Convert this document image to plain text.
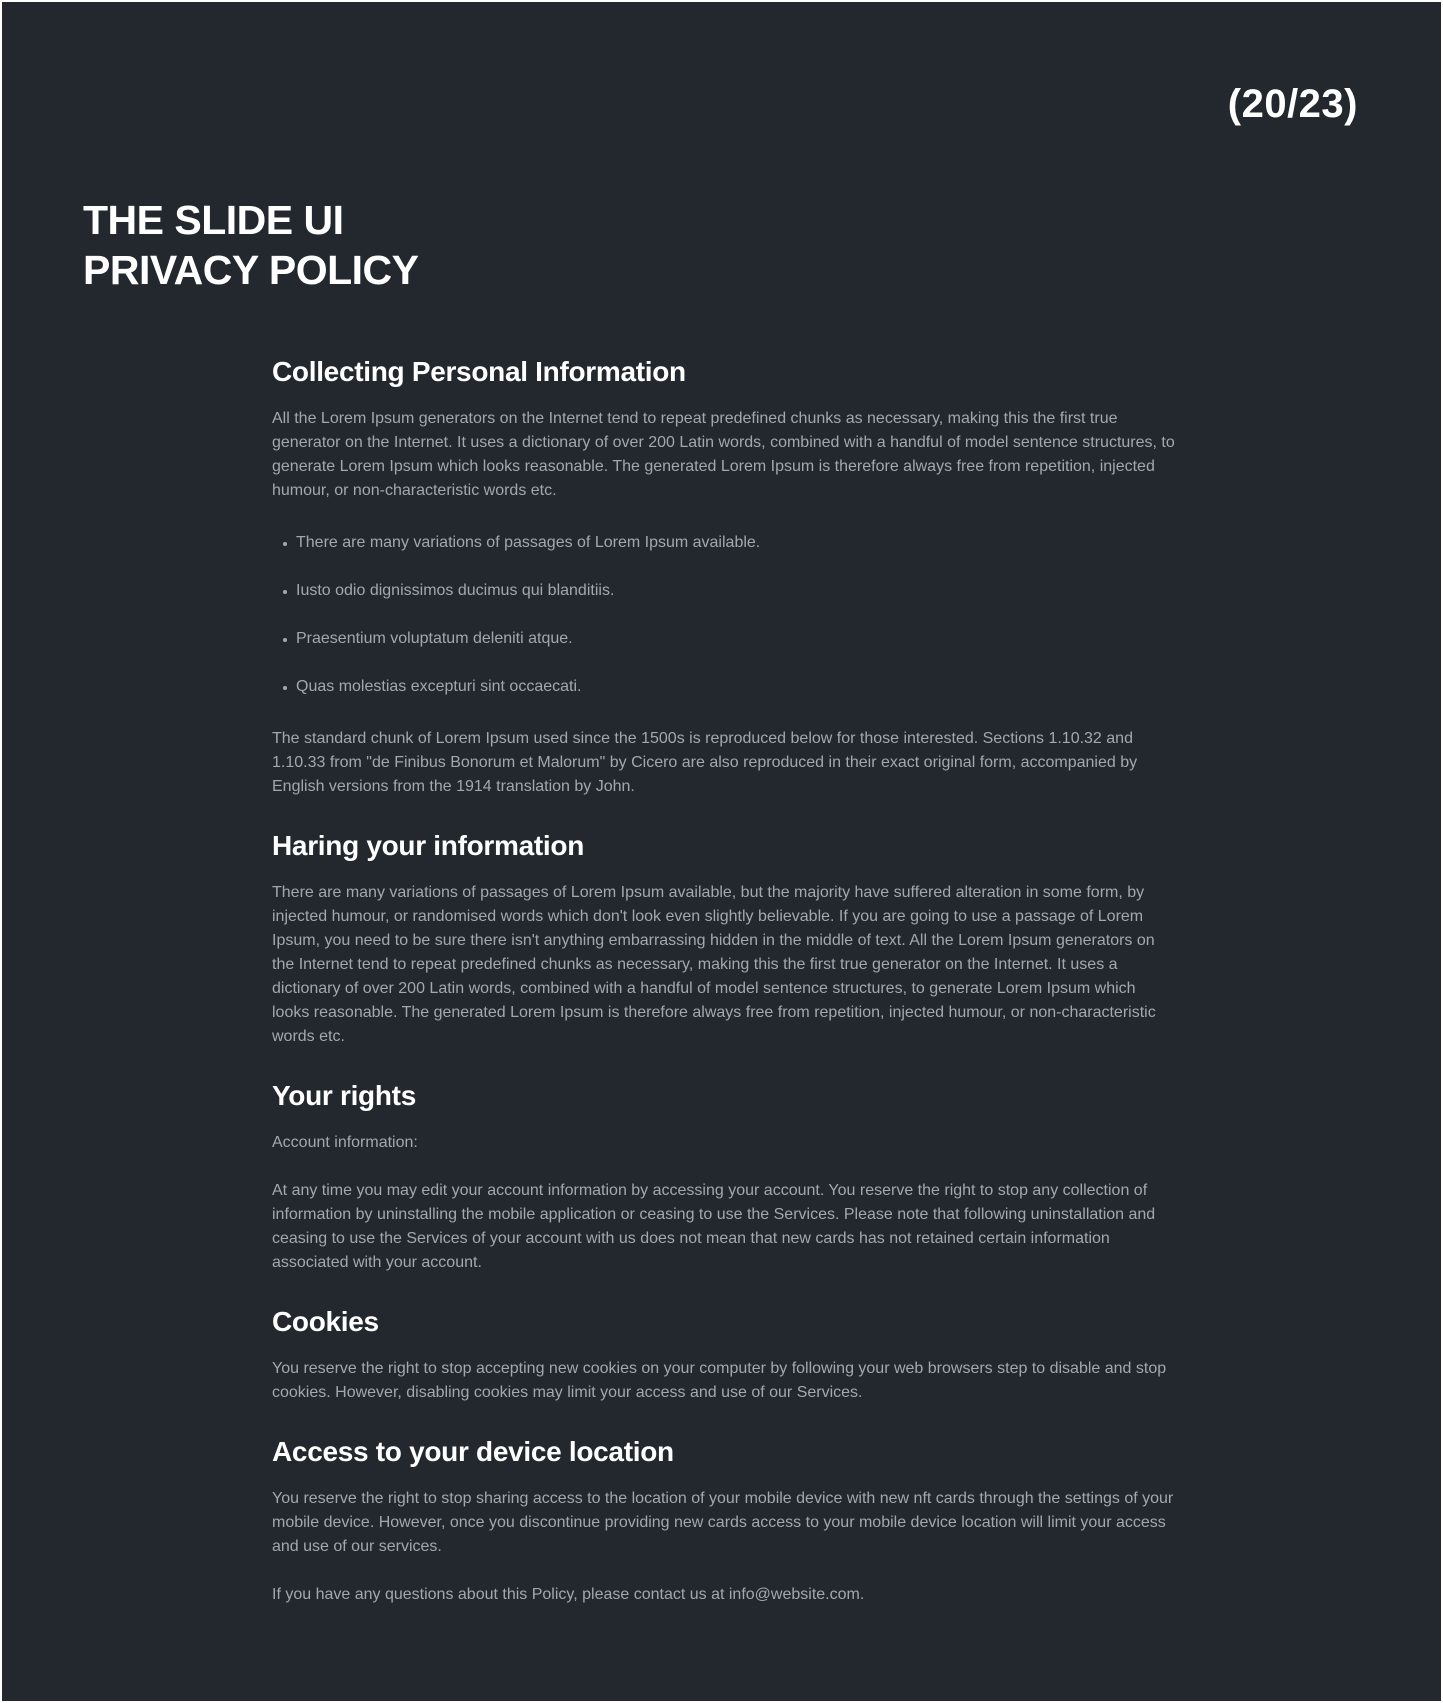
(20/23)
THE SLIDE UI
PRIVACY POLICY
Collecting Personal Information

All the Lorem Ipsum generators on the Internet tend to repeat predefined chunks as necessary, making this the first true generator on the Internet. It uses a dictionary of over 200 Latin words, combined with a handful of model sentence structures, to generate Lorem Ipsum which looks reasonable. The generated Lorem Ipsum is therefore always free from repetition, injected humour, or non-characteristic words etc.

There are many variations of passages of Lorem Ipsum available.
Iusto odio dignissimos ducimus qui blanditiis.
Praesentium voluptatum deleniti atque.
Quas molestias excepturi sint occaecati.

The standard chunk of Lorem Ipsum used since the 1500s is reproduced below for those interested. Sections 1.10.32 and 1.10.33 from "de Finibus Bonorum et Malorum" by Cicero are also reproduced in their exact original form, accompanied by English versions from the 1914 translation by John.

Haring your information

There are many variations of passages of Lorem Ipsum available, but the majority have suffered alteration in some form, by injected humour, or randomised words which don't look even slightly believable. If you are going to use a passage of Lorem Ipsum, you need to be sure there isn't anything embarrassing hidden in the middle of text. All the Lorem Ipsum generators on the Internet tend to repeat predefined chunks as necessary, making this the first true generator on the Internet. It uses a dictionary of over 200 Latin words, combined with a handful of model sentence structures, to generate Lorem Ipsum which looks reasonable. The generated Lorem Ipsum is therefore always free from repetition, injected humour, or non-characteristic words etc.

Your rights

Account information:

At any time you may edit your account information by accessing your account. You reserve the right to stop any collection of information by uninstalling the mobile application or ceasing to use the Services. Please note that following uninstallation and ceasing to use the Services of your account with us does not mean that new cards has not retained certain information associated with your account.

Cookies

You reserve the right to stop accepting new cookies on your computer by following your web browsers step to disable and stop cookies. However, disabling cookies may limit your access and use of our Services.

Access to your device location

You reserve the right to stop sharing access to the location of your mobile device with new nft cards through the settings of your mobile device. However, once you discontinue providing new cards access to your mobile device location will limit your access and use of our services.

If you have any questions about this Policy, please contact us at info@website.com.
